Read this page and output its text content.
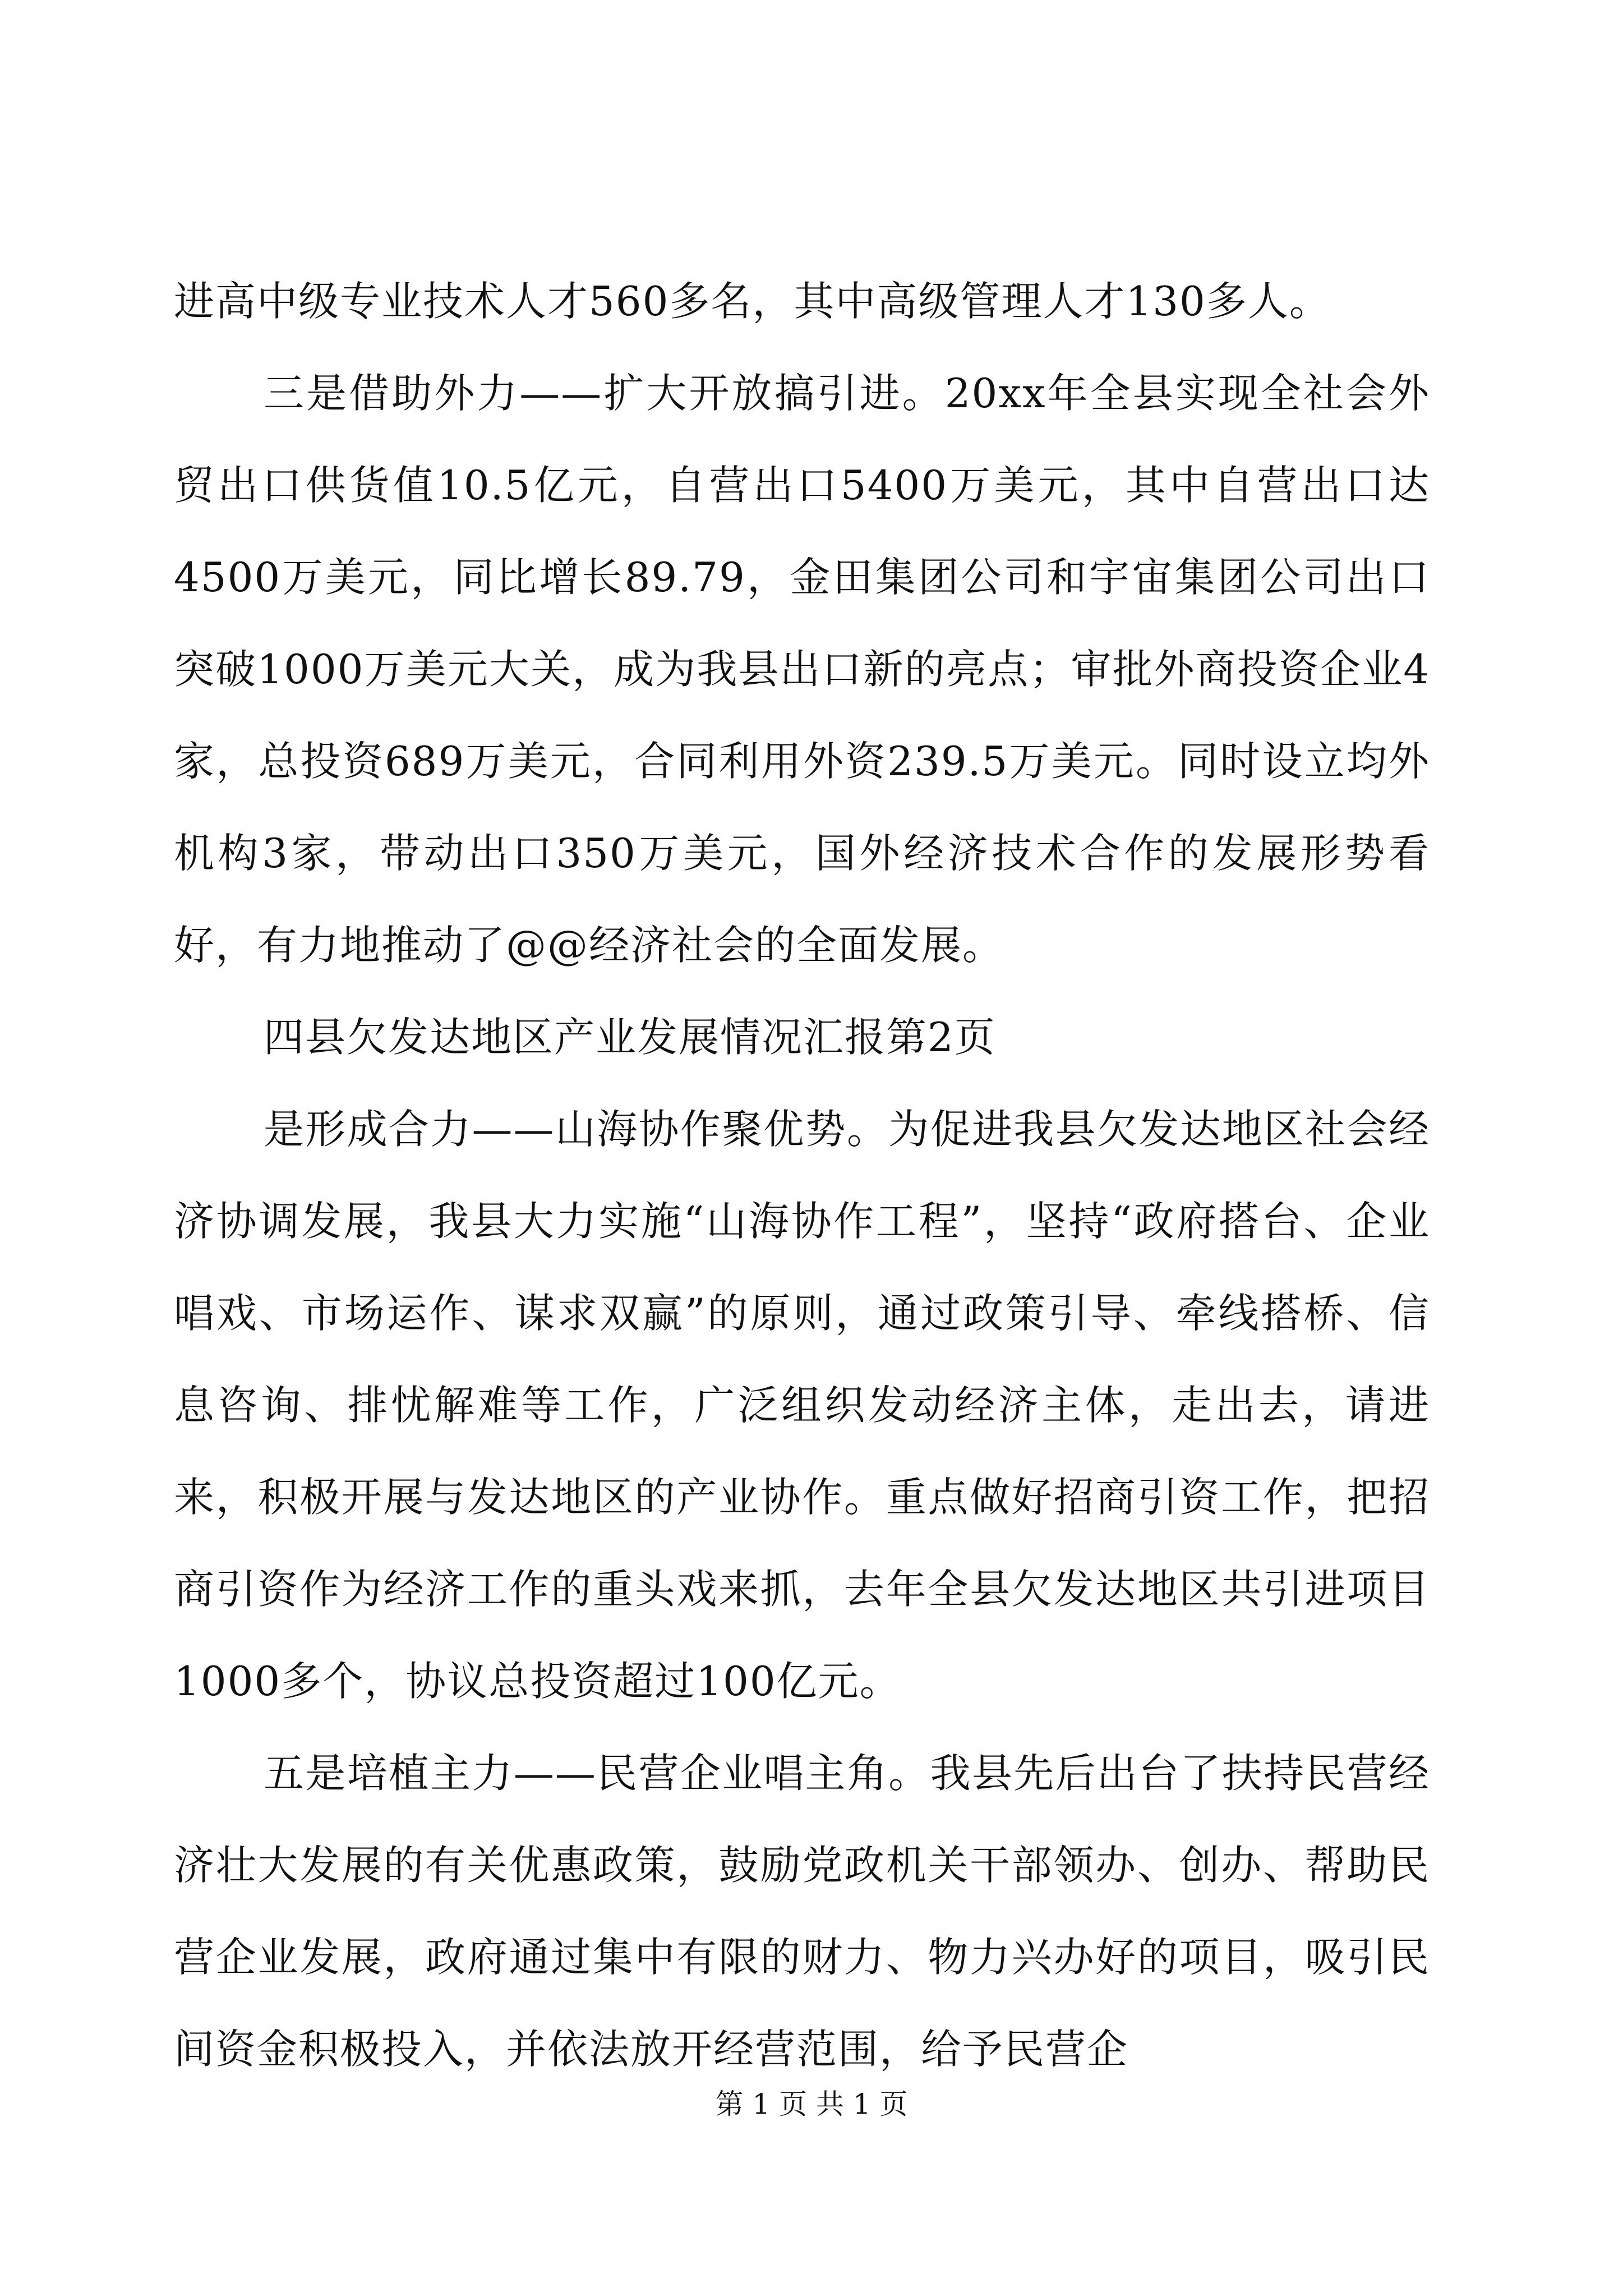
进高中级专业技术人才560多名，其中高级管理人才130多人。

三是借助外力——扩大开放搞引进。20xx年全县实现全社会外贸出口供货值10.5亿元，自营出口5400万美元，其中自营出口达4500万美元，同比增长89.79，金田集团公司和宇宙集团公司出口突破1000万美元大关，成为我县出口新的亮点；审批外商投资企业4家，总投资689万美元，合同利用外资239.5万美元。同时设立均外机构3家，带动出口350万美元，国外经济技术合作的发展形势看好，有力地推动了@@经济社会的全面发展。

四县欠发达地区产业发展情况汇报第2页

是形成合力——山海协作聚优势。为促进我县欠发达地区社会经济协调发展，我县大力实施“山海协作工程”，坚持“政府搭台、企业唱戏、市场运作、谋求双赢”的原则，通过政策引导、牵线搭桥、信息咨询、排忧解难等工作，广泛组织发动经济主体，走出去，请进来，积极开展与发达地区的产业协作。重点做好招商引资工作，把招商引资作为经济工作的重头戏来抓，去年全县欠发达地区共引进项目1000多个，协议总投资超过100亿元。

五是培植主力——民营企业唱主角。我县先后出台了扶持民营经济壮大发展的有关优惠政策，鼓励党政机关干部领办、创办、帮助民营企业发展，政府通过集中有限的财力、物力兴办好的项目，吸引民间资金积极投入，并依法放开经营范围，给予民营企

第 1 页 共 1 页
